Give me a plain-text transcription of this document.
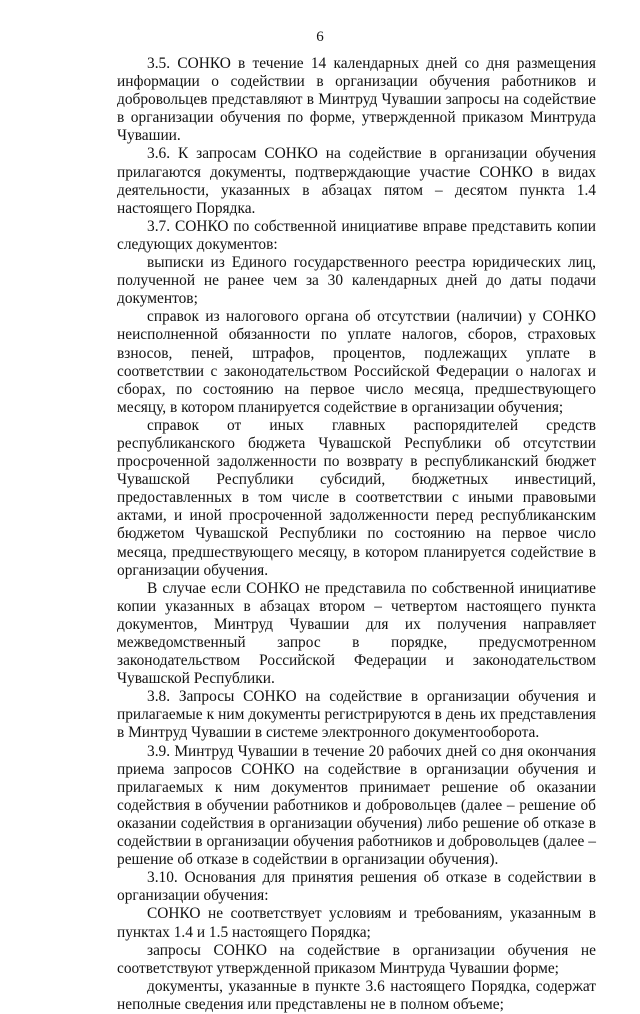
6

3.5. СОНКО в течение 14 календарных дней со дня размещения информации о содействии в организации обучения работников и добровольцев представляют в Минтруд Чувашии запросы на содействие в организации обучения по форме, утвержденной приказом Минтруда Чувашии.

3.6. К запросам СОНКО на содействие в организации обучения прилагаются документы, подтверждающие участие СОНКО в видах деятельности, указанных в абзацах пятом – десятом пункта 1.4 настоящего Порядка.

3.7. СОНКО по собственной инициативе вправе представить копии следующих документов:

выписки из Единого государственного реестра юридических лиц, полученной не ранее чем за 30 календарных дней до даты подачи документов;

справок из налогового органа об отсутствии (наличии) у СОНКО неисполненной обязанности по уплате налогов, сборов, страховых взносов, пеней, штрафов, процентов, подлежащих уплате в соответствии с законодательством Российской Федерации о налогах и сборах, по состоянию на первое число месяца, предшествующего месяцу, в котором планируется содействие в организации обучения;

справок от иных главных распорядителей средств республиканского бюджета Чувашской Республики об отсутствии просроченной задолженности по возврату в республиканский бюджет Чувашской Республики субсидий, бюджетных инвестиций, предоставленных в том числе в соответствии с иными правовыми актами, и иной просроченной задолженности перед республиканским бюджетом Чувашской Республики по состоянию на первое число месяца, предшествующего месяцу, в котором планируется содействие в организации обучения.

В случае если СОНКО не представила по собственной инициативе копии указанных в абзацах втором – четвертом настоящего пункта документов, Минтруд Чувашии для их получения направляет межведомственный запрос в порядке, предусмотренном законодательством Российской Федерации и законодательством Чувашской Республики.

3.8. Запросы СОНКО на содействие в организации обучения и прилагаемые к ним документы регистрируются в день их представления в Минтруд Чувашии в системе электронного документооборота.

3.9. Минтруд Чувашии в течение 20 рабочих дней со дня окончания приема запросов СОНКО на содействие в организации обучения и прилагаемых к ним документов принимает решение об оказании содействия в обучении работников и добровольцев (далее – решение об оказании содействия в организации обучения) либо решение об отказе в содействии в организации обучения работников и добровольцев (далее – решение об отказе в содействии в организации обучения).

3.10. Основания для принятия решения об отказе в содействии в организации обучения:

СОНКО не соответствует условиям и требованиям, указанным в пунктах 1.4 и 1.5 настоящего Порядка;

запросы СОНКО на содействие в организации обучения не соответствуют утвержденной приказом Минтруда Чувашии форме;

документы, указанные в пункте 3.6 настоящего Порядка, содержат неполные сведения или представлены не в полном объеме;
